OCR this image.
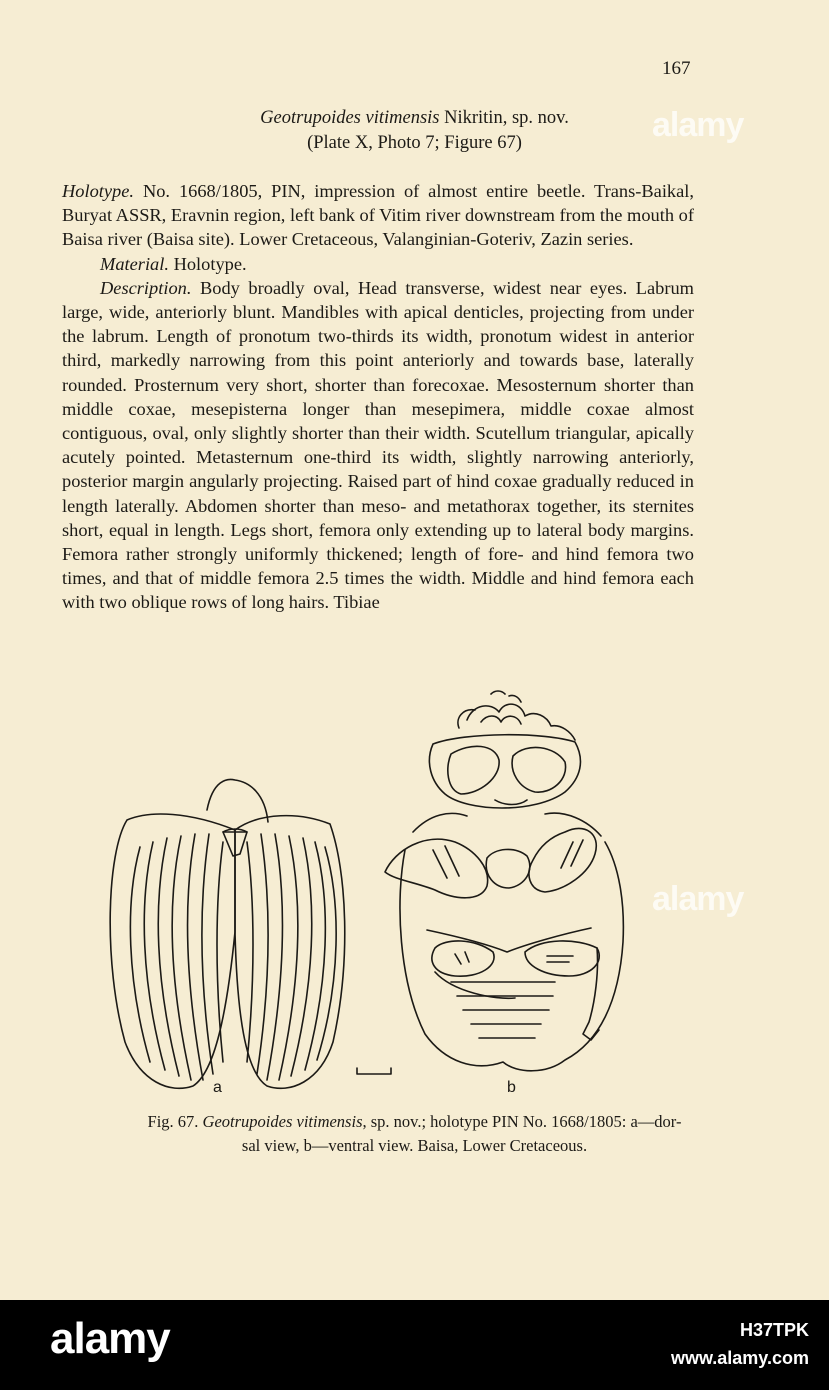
167
Geotrupoides vitimensis Nikritin, sp. nov.
(Plate X, Photo 7; Figure 67)

Holotype. No. 1668/1805, PIN, impression of almost entire beetle. Trans-Baikal, Buryat ASSR, Eravnin region, left bank of Vitim river downstream from the mouth of Baisa river (Baisa site). Lower Cretaceous, Valanginian-Goteriv, Zazin series.

Material. Holotype.

Description. Body broadly oval, Head transverse, widest near eyes. Labrum large, wide, anteriorly blunt. Mandibles with apical denticles, projecting from under the labrum. Length of pronotum two-thirds its width, pronotum widest in anterior third, markedly narrowing from this point anteriorly and towards base, laterally rounded. Prosternum very short, shorter than forecoxae. Mesosternum shorter than middle coxae, mesepisterna longer than mesepimera, middle coxae almost contiguous, oval, only slightly shorter than their width. Scutellum triangular, apically acutely pointed. Metasternum one-third its width, slightly narrowing anteriorly, posterior margin angularly projecting. Raised part of hind coxae gradually reduced in length laterally. Abdomen shorter than meso- and metathorax together, its sternites short, equal in length. Legs short, femora only extending up to lateral body margins. Femora rather strongly uniformly thickened; length of fore- and hind femora two times, and that of middle femora 2.5 times the width. Middle and hind femora each with two oblique rows of long hairs. Tibiae

a	b
Fig. 67. Geotrupoides vitimensis, sp. nov.; holotype PIN No. 1668/1805: a—dor-
sal view, b—ventral view. Baisa, Lower Cretaceous.
alamy
alamy
alamy	H37TPK
www.alamy.com
